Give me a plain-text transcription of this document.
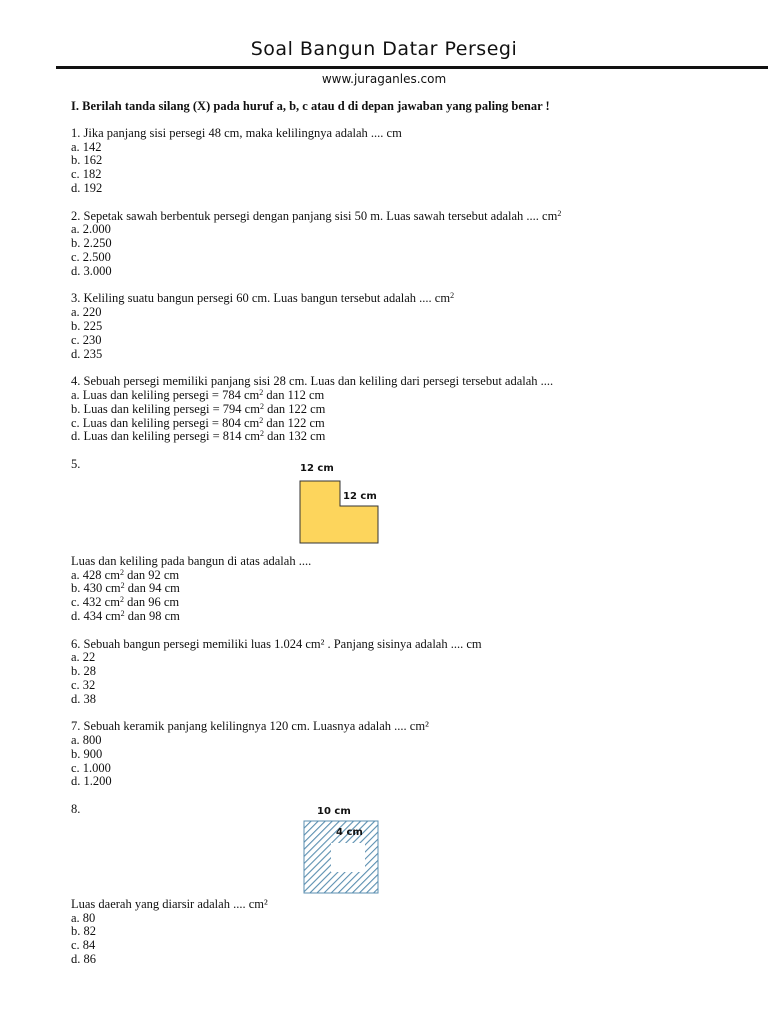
Soal Bangun Datar Persegi
www.juraganles.com
I. Berilah tanda silang (X) pada huruf a, b, c atau d di depan jawaban yang paling benar !
1. Jika panjang sisi persegi 48 cm, maka kelilingnya adalah .... cm
a. 142
b. 162
c. 182
d. 192
2. Sepetak sawah berbentuk persegi dengan panjang sisi 50 m. Luas sawah tersebut adalah .... $cm^2$
a. 2.000
b. 2.250
c. 2.500
d. 3.000
3. Keliling suatu bangun persegi 60 cm. Luas bangun tersebut adalah .... $cm^2$
a. 220
b. 225
c. 230
d. 235
4. Sebuah persegi memiliki panjang sisi 28 cm. Luas dan keliling dari persegi tersebut adalah ....
a. Luas dan keliling persegi = 784 $cm^2$ dan 112 cm
b. Luas dan keliling persegi = 794 $cm^2$ dan 122 cm
c. Luas dan keliling persegi = 804 $cm^2$ dan 122 cm
d. Luas dan keliling persegi = 814 $cm^2$ dan 132 cm
5.	12 cm
12 cm
Luas dan keliling pada bangun di atas adalah ....
a. 428 $cm^2$ dan 92 cm
b. 430 $cm^2$ dan 94 cm
c. 432 $cm^2$ dan 96 cm
d. 434 $cm^2$ dan 98 cm
6. Sebuah bangun persegi memiliki luas 1.024 cm² . Panjang sisinya adalah .... cm
a. 22
b. 28
c. 32
d. 38
7. Sebuah keramik panjang kelilingnya 120 cm. Luasnya adalah .... cm²
a. 800
b. 900
c. 1.000
d. 1.200
8.	10 cm
4 cm
Luas daerah yang diarsir adalah .... cm²
a. 80
b. 82
c. 84
d. 86
